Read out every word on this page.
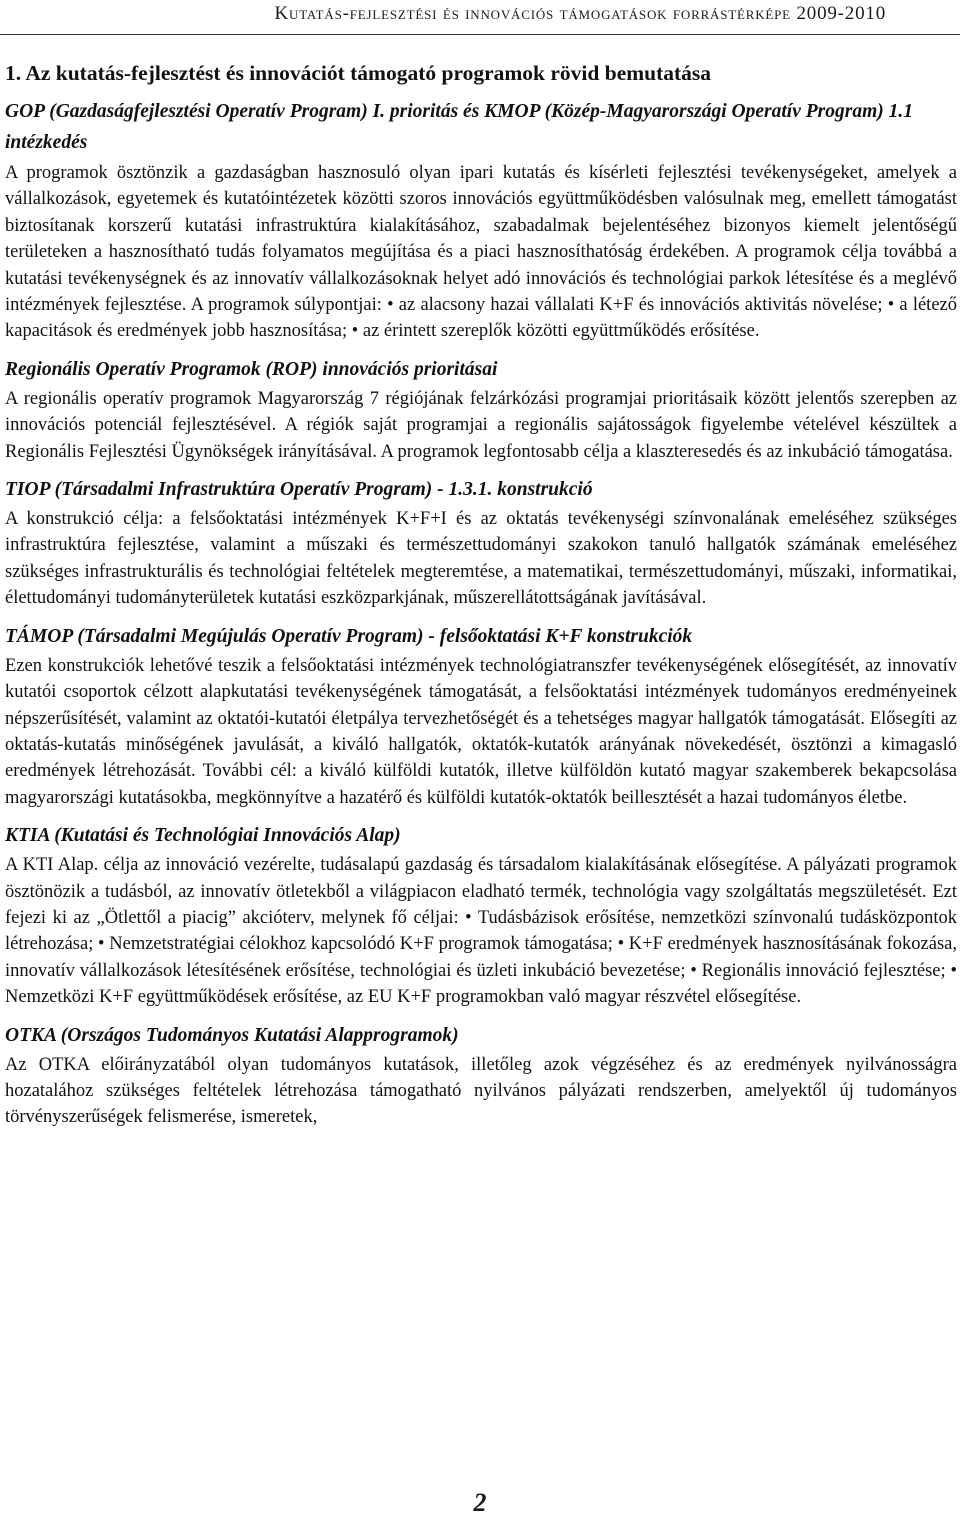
Kutatás-fejlesztési és innovációs támogatások forrástérképe 2009-2010
1. Az kutatás-fejlesztést és innovációt támogató programok rövid bemutatása
GOP (Gazdaságfejlesztési Operatív Program) I. prioritás és KMOP (Közép-Magyarországi Operatív Program) 1.1 intézkedés

A programok ösztönzik a gazdaságban hasznosuló olyan ipari kutatás és kísérleti fejlesztési tevékenységeket, amelyek a vállalkozások, egyetemek és kutatóintézetek közötti szoros innovációs együttműködésben valósulnak meg, emellett támogatást biztosítanak korszerű kutatási infrastruktúra kialakításához, szabadalmak bejelentéséhez bizonyos kiemelt jelentőségű területeken a hasznosítható tudás folyamatos megújítása és a piaci hasznosíthatóság érdekében. A programok célja továbbá a kutatási tevékenységnek és az innovatív vállalkozásoknak helyet adó innovációs és technológiai parkok létesítése és a meglévő intézmények fejlesztése. A programok súlypontjai: • az alacsony hazai vállalati K+F és innovációs aktivitás növelése; • a létező kapacitások és eredmények jobb hasznosítása; • az érintett szereplők közötti együttműködés erősítése.

Regionális Operatív Programok (ROP) innovációs prioritásai

A regionális operatív programok Magyarország 7 régiójának felzárkózási programjai prioritásaik között jelentős szerepben az innovációs potenciál fejlesztésével. A régiók saját programjai a regionális sajátosságok figyelembe vételével készültek a Regionális Fejlesztési Ügynökségek irányításával. A programok legfontosabb célja a klaszteresedés és az inkubáció támogatása.

TIOP (Társadalmi Infrastruktúra Operatív Program) - 1.3.1. konstrukció

A konstrukció célja: a felsőoktatási intézmények K+F+I és az oktatás tevékenységi színvonalának emeléséhez szükséges infrastruktúra fejlesztése, valamint a műszaki és természettudományi szakokon tanuló hallgatók számának emeléséhez szükséges infrastrukturális és technológiai feltételek megteremtése, a matematikai, természettudományi, műszaki, informatikai, élettudományi tudományterületek kutatási eszközparkjának, műszerellátottságának javításával.

TÁMOP (Társadalmi Megújulás Operatív Program) - felsőoktatási K+F konstrukciók

Ezen konstrukciók lehetővé teszik a felsőoktatási intézmények technológiatranszfer tevékenységének elősegítését, az innovatív kutatói csoportok célzott alapkutatási tevékenységének támogatását, a felsőoktatási intézmények tudományos eredményeinek népszerűsítését, valamint az oktatói-kutatói életpálya tervezhetőségét és a tehetséges magyar hallgatók támogatását. Elősegíti az oktatás-kutatás minőségének javulását, a kiváló hallgatók, oktatók-kutatók arányának növekedését, ösztönzi a kimagasló eredmények létrehozását. További cél: a kiváló külföldi kutatók, illetve külföldön kutató magyar szakemberek bekapcsolása magyarországi kutatásokba, megkönnyítve a hazatérő és külföldi kutatók-oktatók beillesztését a hazai tudományos életbe.

KTIA (Kutatási és Technológiai Innovációs Alap)

A KTI Alap. célja az innováció vezérelte, tudásalapú gazdaság és társadalom kialakításának elősegítése. A pályázati programok ösztönözik a tudásból, az innovatív ötletekből a világpiacon eladható termék, technológia vagy szolgáltatás megszületését. Ezt fejezi ki az „Ötlettől a piacig” akcióterv, melynek fő céljai: • Tudásbázisok erősítése, nemzetközi színvonalú tudásközpontok létrehozása; • Nemzetstratégiai célokhoz kapcsolódó K+F programok támogatása; • K+F eredmények hasznosításának fokozása, innovatív vállalkozások létesítésének erősítése, technológiai és üzleti inkubáció bevezetése; • Regionális innováció fejlesztése; • Nemzetközi K+F együttműködések erősítése, az EU K+F programokban való magyar részvétel elősegítése.

OTKA (Országos Tudományos Kutatási Alapprogramok)

Az OTKA előirányzatából olyan tudományos kutatások, illetőleg azok végzéséhez és az eredmények nyilvánosságra hozatalához szükséges feltételek létrehozása támogatható nyilvános pályázati rendszerben, amelyektől új tudományos törvényszerűségek felismerése, ismeretek,

2
